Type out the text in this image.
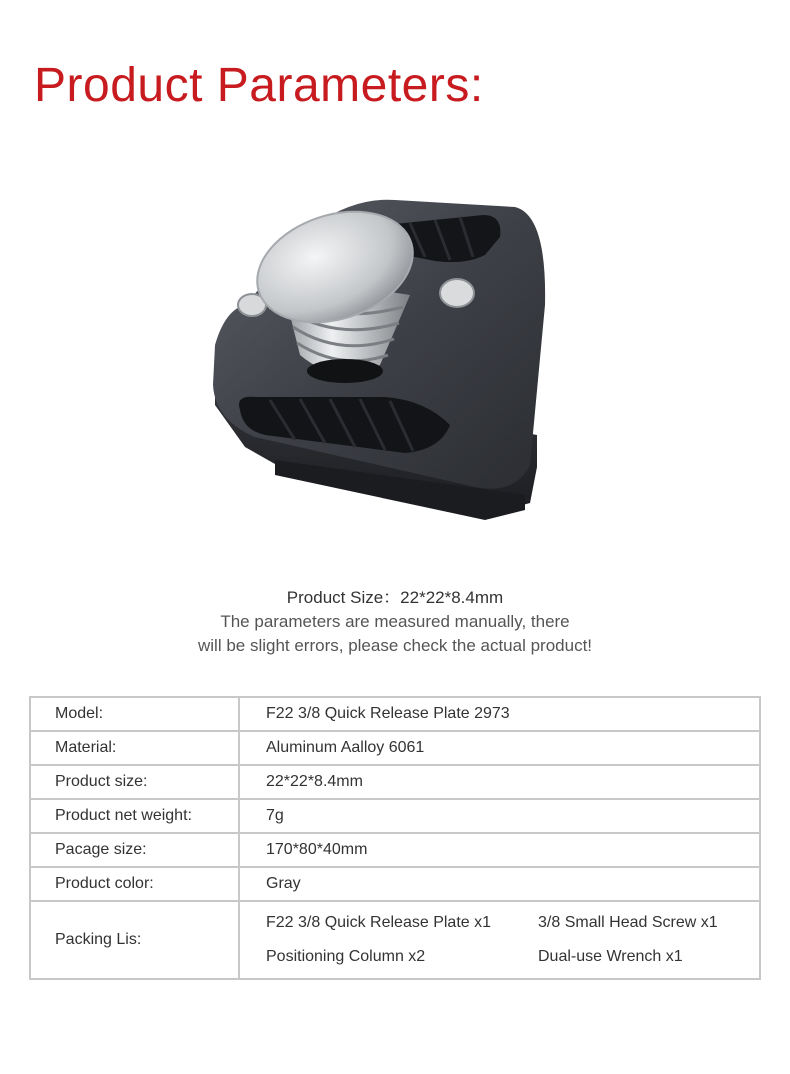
Product Parameters:
Product Size：22*22*8.4mm
The parameters are measured manually, there
will be slight errors, please check the actual product!
Model:	F22 3/8 Quick Release Plate 2973
Material:	Aluminum Aalloy 6061
Product size:	22*22*8.4mm
Product net weight:	7g
Pacage size:	170*80*40mm
Product color:	Gray
Packing Lis:	F22 3/8 Quick Release Plate x1 3/8 Small Head Screw x1
Positioning Column x2 Dual-use Wrench x1
